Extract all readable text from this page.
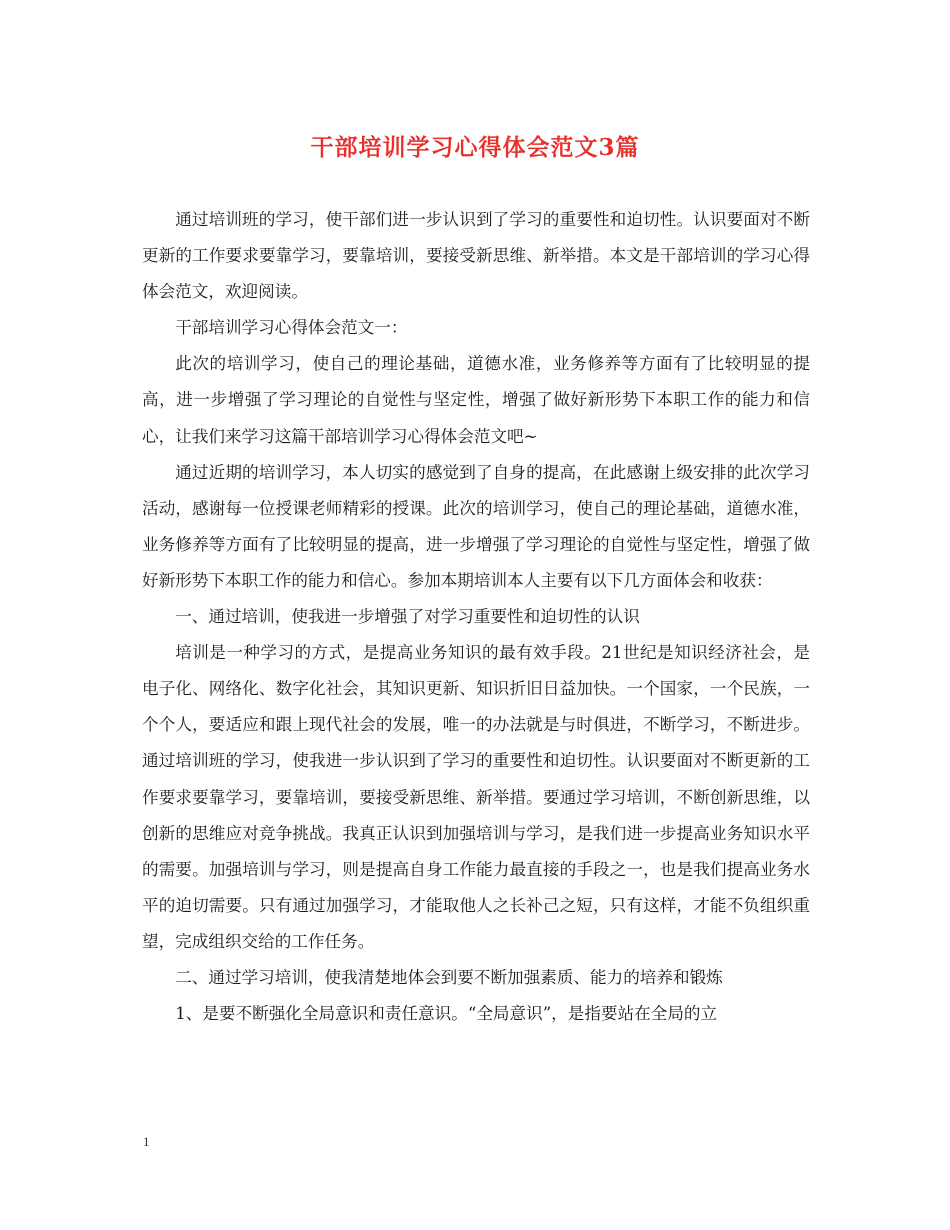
干部培训学习心得体会范文3篇

通过培训班的学习，使干部们进一步认识到了学习的重要性和迫切性。认识要面对不断更新的工作要求要靠学习，要靠培训，要接受新思维、新举措。本文是干部培训的学习心得体会范文，欢迎阅读。

干部培训学习心得体会范文一：

此次的培训学习，使自己的理论基础，道德水准，业务修养等方面有了比较明显的提高，进一步增强了学习理论的自觉性与坚定性，增强了做好新形势下本职工作的能力和信心，让我们来学习这篇干部培训学习心得体会范文吧~

通过近期的培训学习，本人切实的感觉到了自身的提高，在此感谢上级安排的此次学习活动，感谢每一位授课老师精彩的授课。此次的培训学习，使自己的理论基础，道德水准，业务修养等方面有了比较明显的提高，进一步增强了学习理论的自觉性与坚定性，增强了做好新形势下本职工作的能力和信心。参加本期培训本人主要有以下几方面体会和收获：

一、通过培训，使我进一步增强了对学习重要性和迫切性的认识

培训是一种学习的方式，是提高业务知识的最有效手段。21世纪是知识经济社会，是电子化、网络化、数字化社会，其知识更新、知识折旧日益加快。一个国家，一个民族，一个个人，要适应和跟上现代社会的发展，唯一的办法就是与时俱进，不断学习，不断进步。通过培训班的学习，使我进一步认识到了学习的重要性和迫切性。认识要面对不断更新的工作要求要靠学习，要靠培训，要接受新思维、新举措。要通过学习培训，不断创新思维，以创新的思维应对竞争挑战。我真正认识到加强培训与学习，是我们进一步提高业务知识水平的需要。加强培训与学习，则是提高自身工作能力最直接的手段之一，也是我们提高业务水平的迫切需要。只有通过加强学习，才能取他人之长补己之短，只有这样，才能不负组织重望，完成组织交给的工作任务。

二、通过学习培训，使我清楚地体会到要不断加强素质、能力的培养和锻炼

1、是要不断强化全局意识和责任意识。“全局意识”，是指要站在全局的立

1
